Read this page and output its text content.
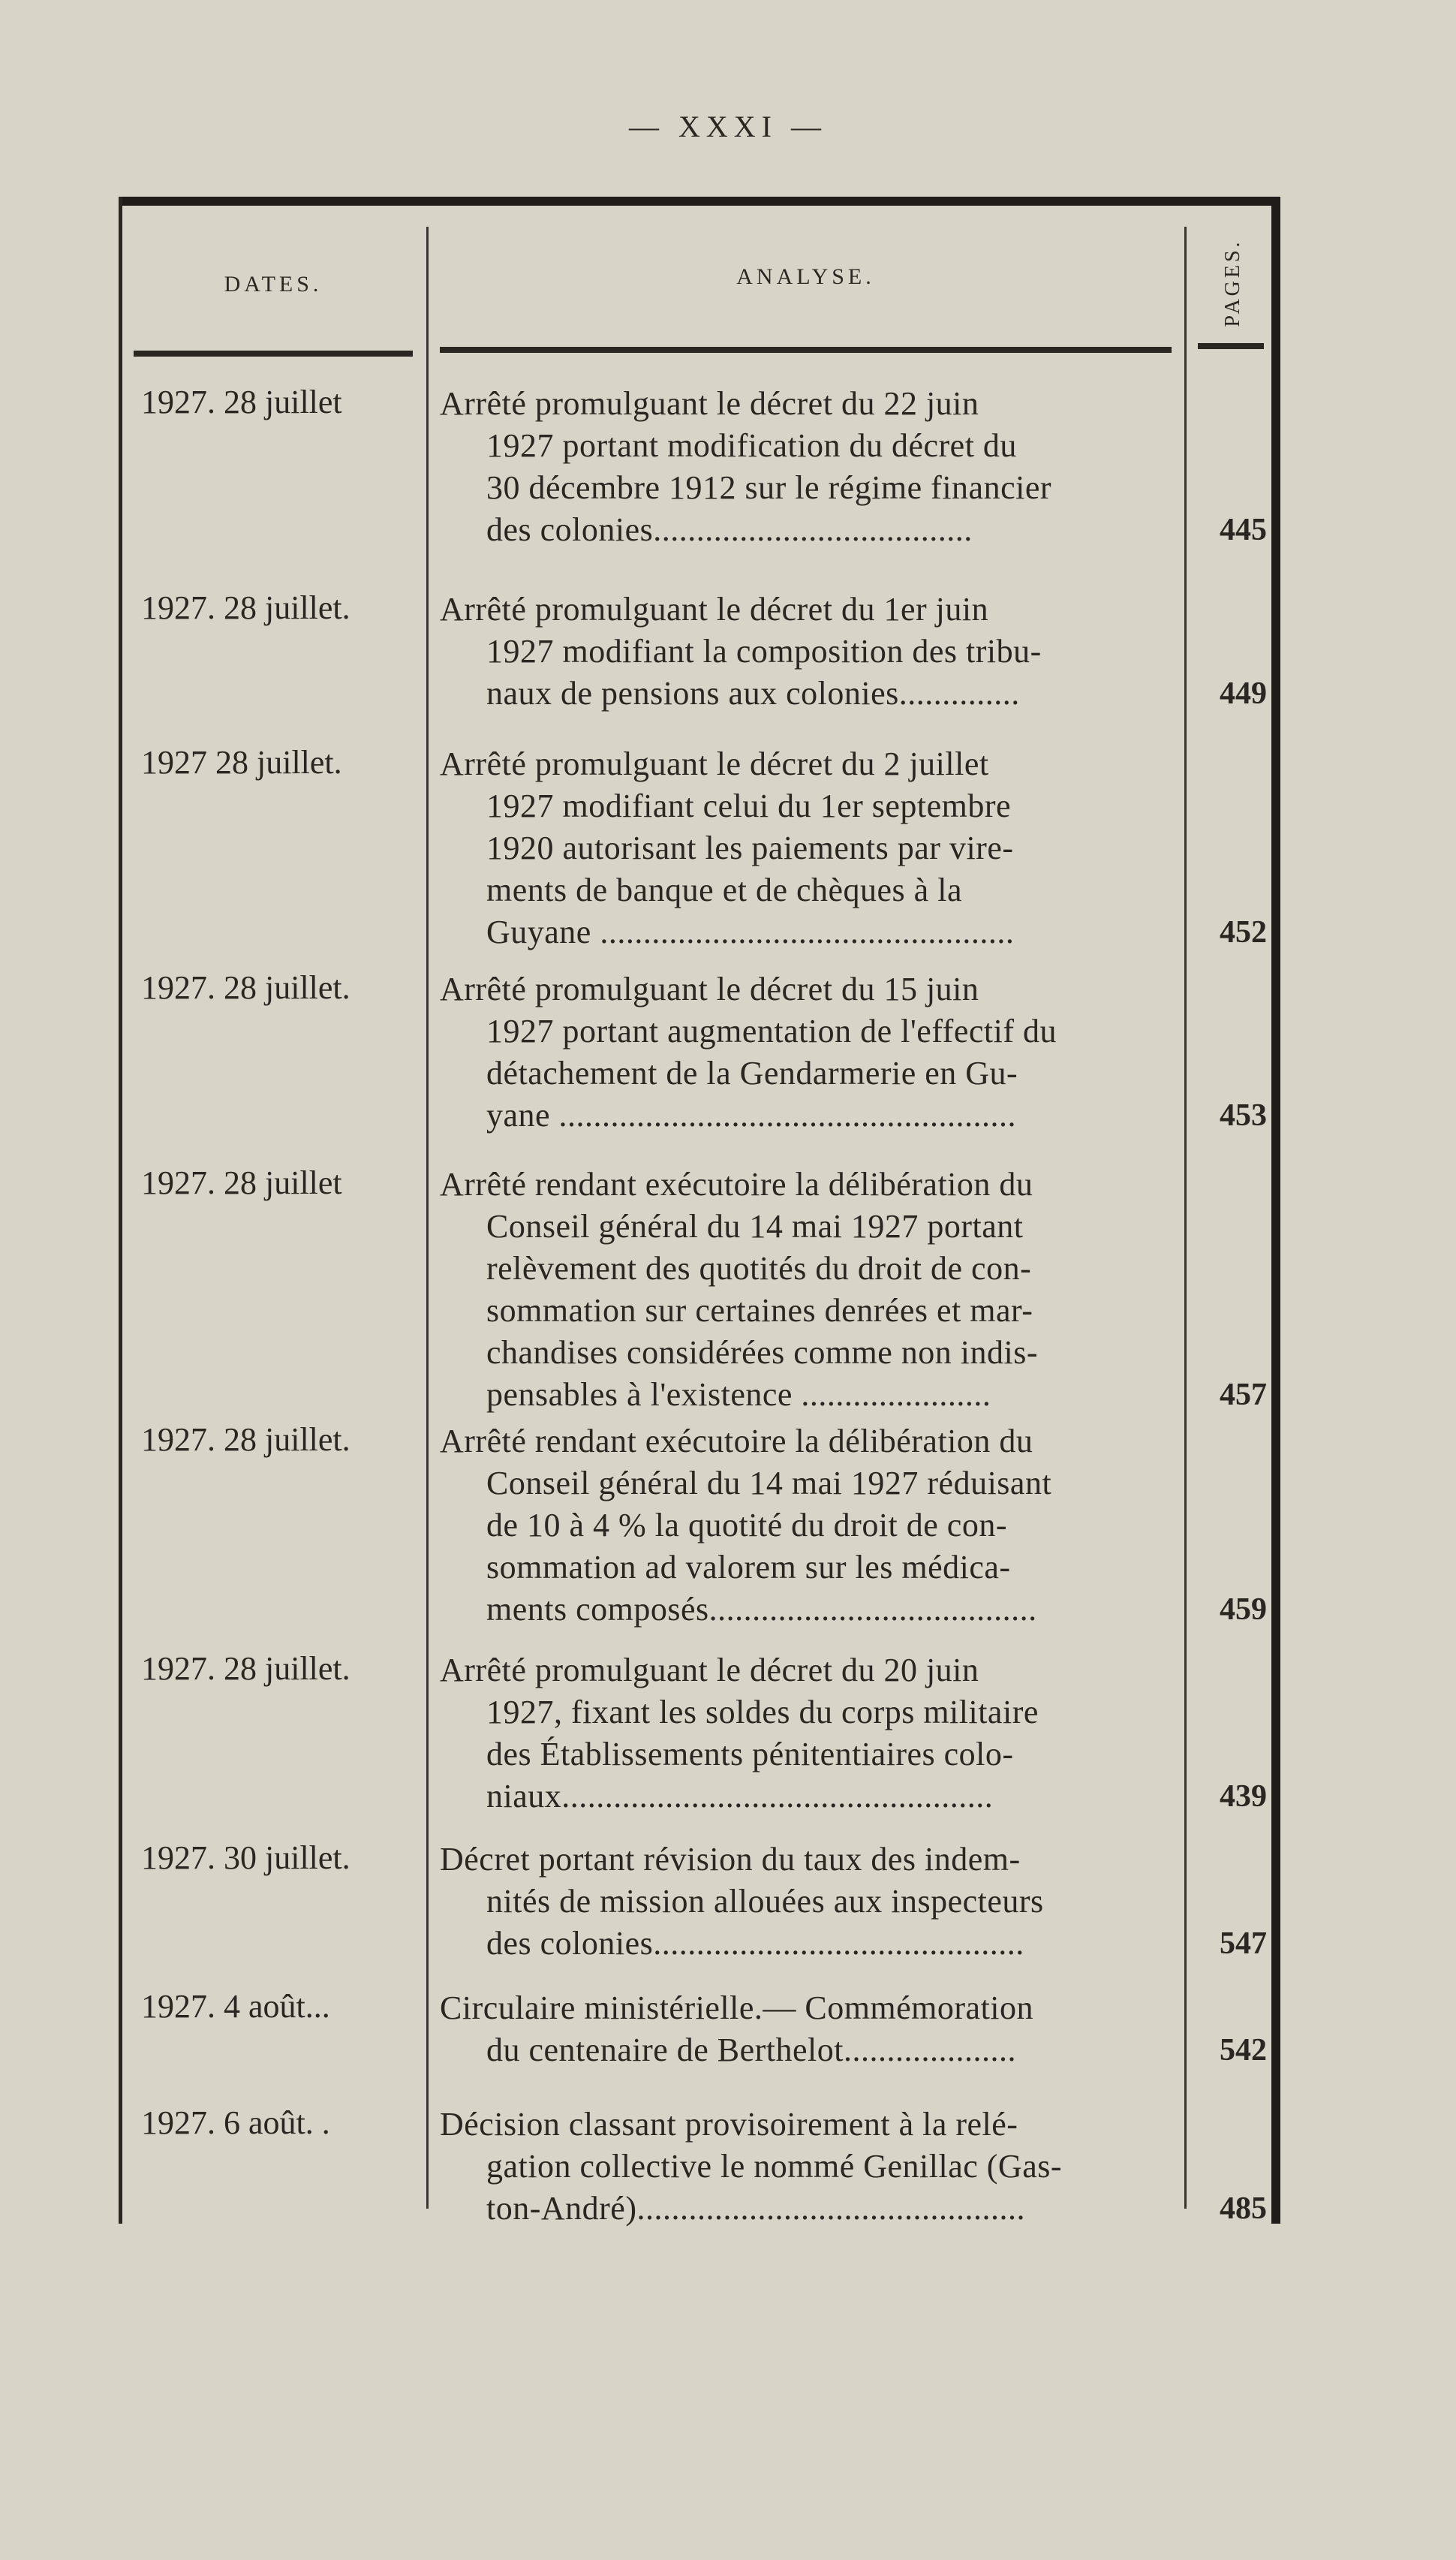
— XXXI —
DATES.	ANALYSE.	PAGES.
1927. 28 juillet	Arrêté promulguant le décret du 22 juin
1927 portant modification du décret du
30 décembre 1912 sur le régime financier
des colonies.....................................	445
1927. 28 juillet.	Arrêté promulguant le décret du 1er juin
1927 modifiant la composition des tribu-
naux de pensions aux colonies..............	449
1927 28 juillet.	Arrêté promulguant le décret du 2 juillet
1927 modifiant celui du 1er septembre
1920 autorisant les paiements par vire-
ments de banque et de chèques à la
Guyane ................................................	452
1927. 28 juillet.	Arrêté promulguant le décret du 15 juin
1927 portant augmentation de l'effectif du
détachement de la Gendarmerie en Gu-
yane .....................................................	453
1927. 28 juillet	Arrêté rendant exécutoire la délibération du
Conseil général du 14 mai 1927 portant
relèvement des quotités du droit de con-
sommation sur certaines denrées et mar-
chandises considérées comme non indis-
pensables à l'existence ......................	457
1927. 28 juillet.	Arrêté rendant exécutoire la délibération du
Conseil général du 14 mai 1927 réduisant
de 10 à 4 % la quotité du droit de con-
sommation ad valorem sur les médica-
ments composés......................................	459
1927. 28 juillet.	Arrêté promulguant le décret du 20 juin
1927, fixant les soldes du corps militaire
des Établissements pénitentiaires colo-
niaux..................................................	439
1927. 30 juillet.	Décret portant révision du taux des indem-
nités de mission allouées aux inspecteurs
des colonies...........................................	547
1927. 4 août...	Circulaire ministérielle.— Commémoration
du centenaire de Berthelot....................	542
1927. 6 août. .	Décision classant provisoirement à la relé-
gation collective le nommé Genillac (Gas-
ton-André).............................................	485
